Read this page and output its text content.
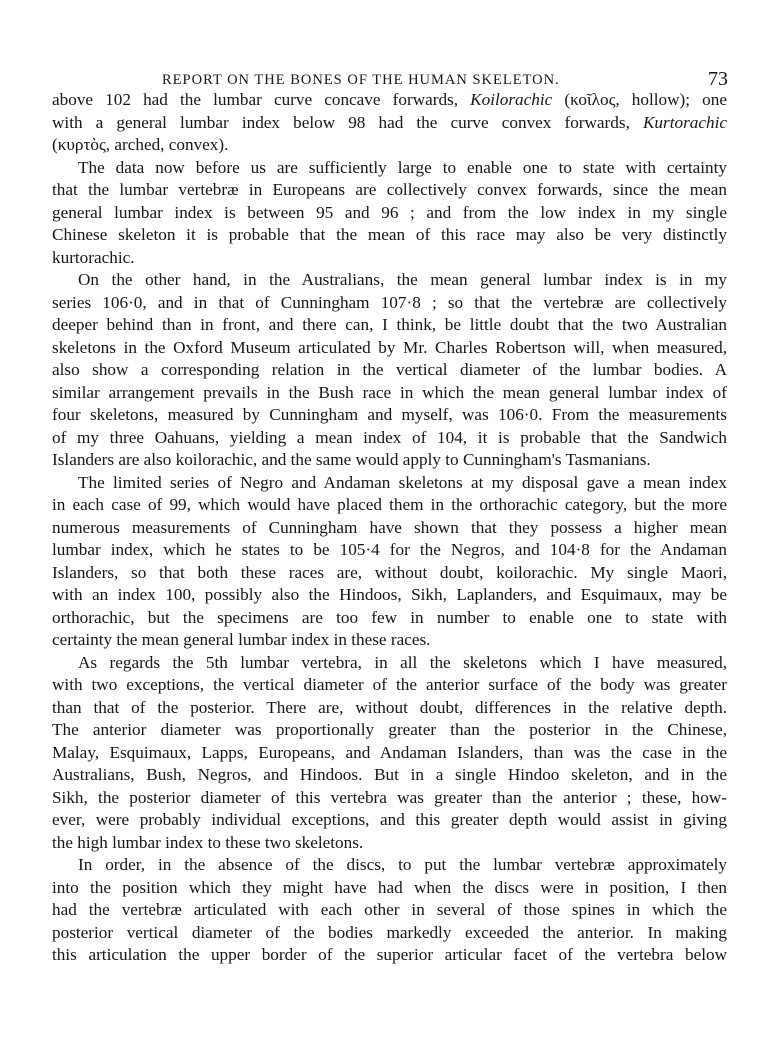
REPORT ON THE BONES OF THE HUMAN SKELETON.	73
above 102 had the lumbar curve concave forwards, Koilorachic (κοῖλος, hollow); one
with a general lumbar index below 98 had the curve convex forwards, Kurtorachic
(κυρτὸς, arched, convex).
The data now before us are sufficiently large to enable one to state with certainty
that the lumbar vertebræ in Europeans are collectively convex forwards, since the mean
general lumbar index is between 95 and 96 ; and from the low index in my single
Chinese skeleton it is probable that the mean of this race may also be very distinctly
kurtorachic.
On the other hand, in the Australians, the mean general lumbar index is in my
series 106·0, and in that of Cunningham 107·8 ; so that the vertebræ are collectively
deeper behind than in front, and there can, I think, be little doubt that the two Australian
skeletons in the Oxford Museum articulated by Mr. Charles Robertson will, when measured,
also show a corresponding relation in the vertical diameter of the lumbar bodies. A
similar arrangement prevails in the Bush race in which the mean general lumbar index of
four skeletons, measured by Cunningham and myself, was 106·0. From the measurements
of my three Oahuans, yielding a mean index of 104, it is probable that the Sandwich
Islanders are also koilorachic, and the same would apply to Cunningham's Tasmanians.
The limited series of Negro and Andaman skeletons at my disposal gave a mean index
in each case of 99, which would have placed them in the orthorachic category, but the more
numerous measurements of Cunningham have shown that they possess a higher mean
lumbar index, which he states to be 105·4 for the Negros, and 104·8 for the Andaman
Islanders, so that both these races are, without doubt, koilorachic. My single Maori,
with an index 100, possibly also the Hindoos, Sikh, Laplanders, and Esquimaux, may be
orthorachic, but the specimens are too few in number to enable one to state with
certainty the mean general lumbar index in these races.
As regards the 5th lumbar vertebra, in all the skeletons which I have measured,
with two exceptions, the vertical diameter of the anterior surface of the body was greater
than that of the posterior. There are, without doubt, differences in the relative depth.
The anterior diameter was proportionally greater than the posterior in the Chinese,
Malay, Esquimaux, Lapps, Europeans, and Andaman Islanders, than was the case in the
Australians, Bush, Negros, and Hindoos. But in a single Hindoo skeleton, and in the
Sikh, the posterior diameter of this vertebra was greater than the anterior ; these, how-
ever, were probably individual exceptions, and this greater depth would assist in giving
the high lumbar index to these two skeletons.
In order, in the absence of the discs, to put the lumbar vertebræ approximately
into the position which they might have had when the discs were in position, I then
had the vertebræ articulated with each other in several of those spines in which the
posterior vertical diameter of the bodies markedly exceeded the anterior. In making
this articulation the upper border of the superior articular facet of the vertebra below
